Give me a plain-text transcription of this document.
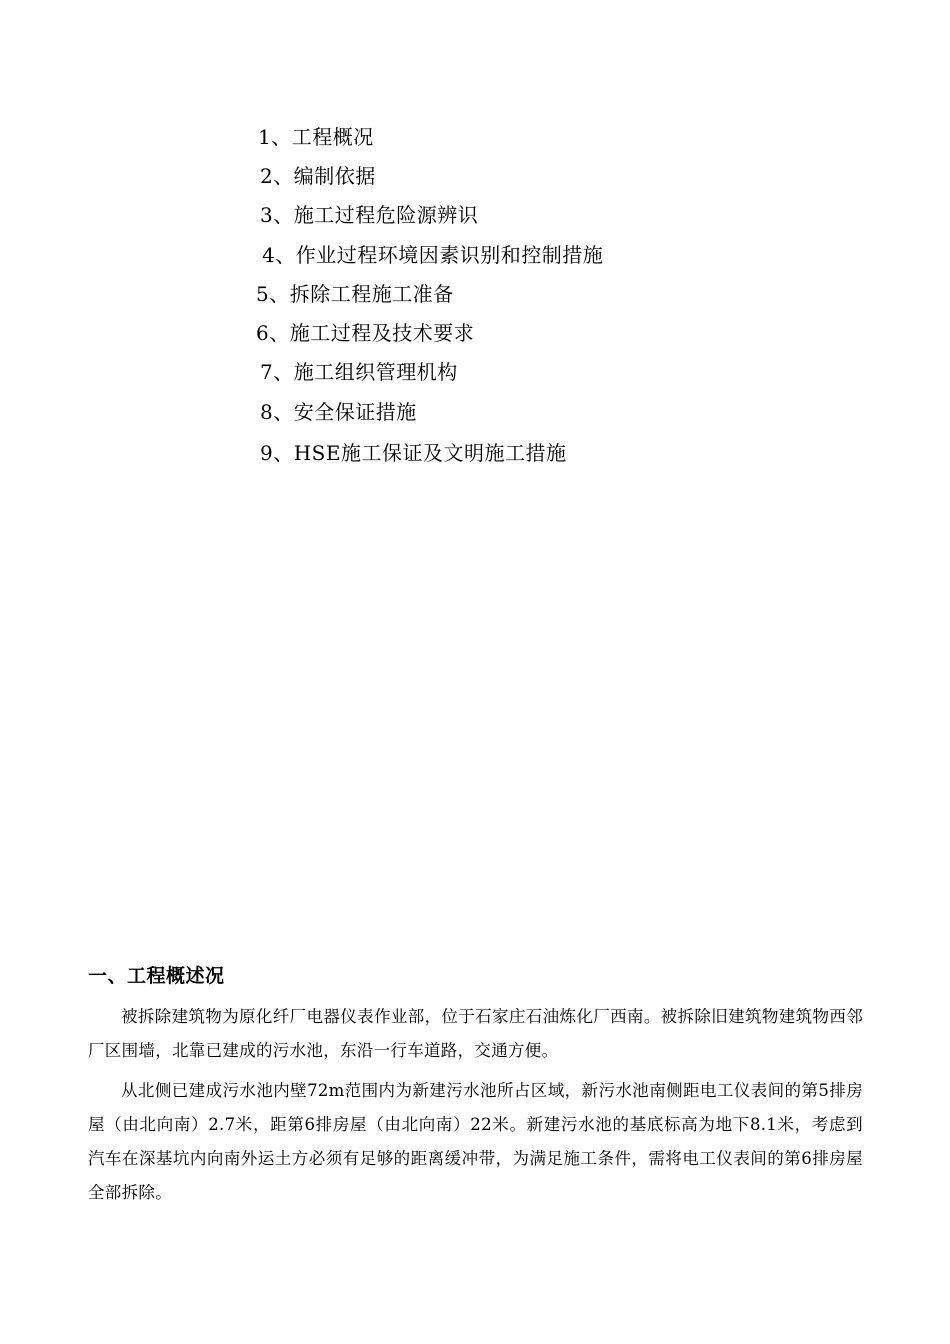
1、工程概况
2、编制依据
3、施工过程危险源辨识
4、作业过程环境因素识别和控制措施
5、拆除工程施工准备
6、施工过程及技术要求
7、施工组织管理机构
8、安全保证措施
9、HSE施工保证及文明施工措施
一、工程概述况

被拆除建筑物为原化纤厂电器仪表作业部，位于石家庄石油炼化厂西南。被拆除旧建筑物建筑物西邻厂区围墙，北靠已建成的污水池，东沿一行车道路，交通方便。

从北侧已建成污水池内壁72m范围内为新建污水池所占区域，新污水池南侧距电工仪表间的第5排房屋（由北向南）2.7米，距第6排房屋（由北向南）22米。新建污水池的基底标高为地下8.1米，考虑到汽车在深基坑内向南外运土方必须有足够的距离缓冲带，为满足施工条件，需将电工仪表间的第6排房屋全部拆除。
